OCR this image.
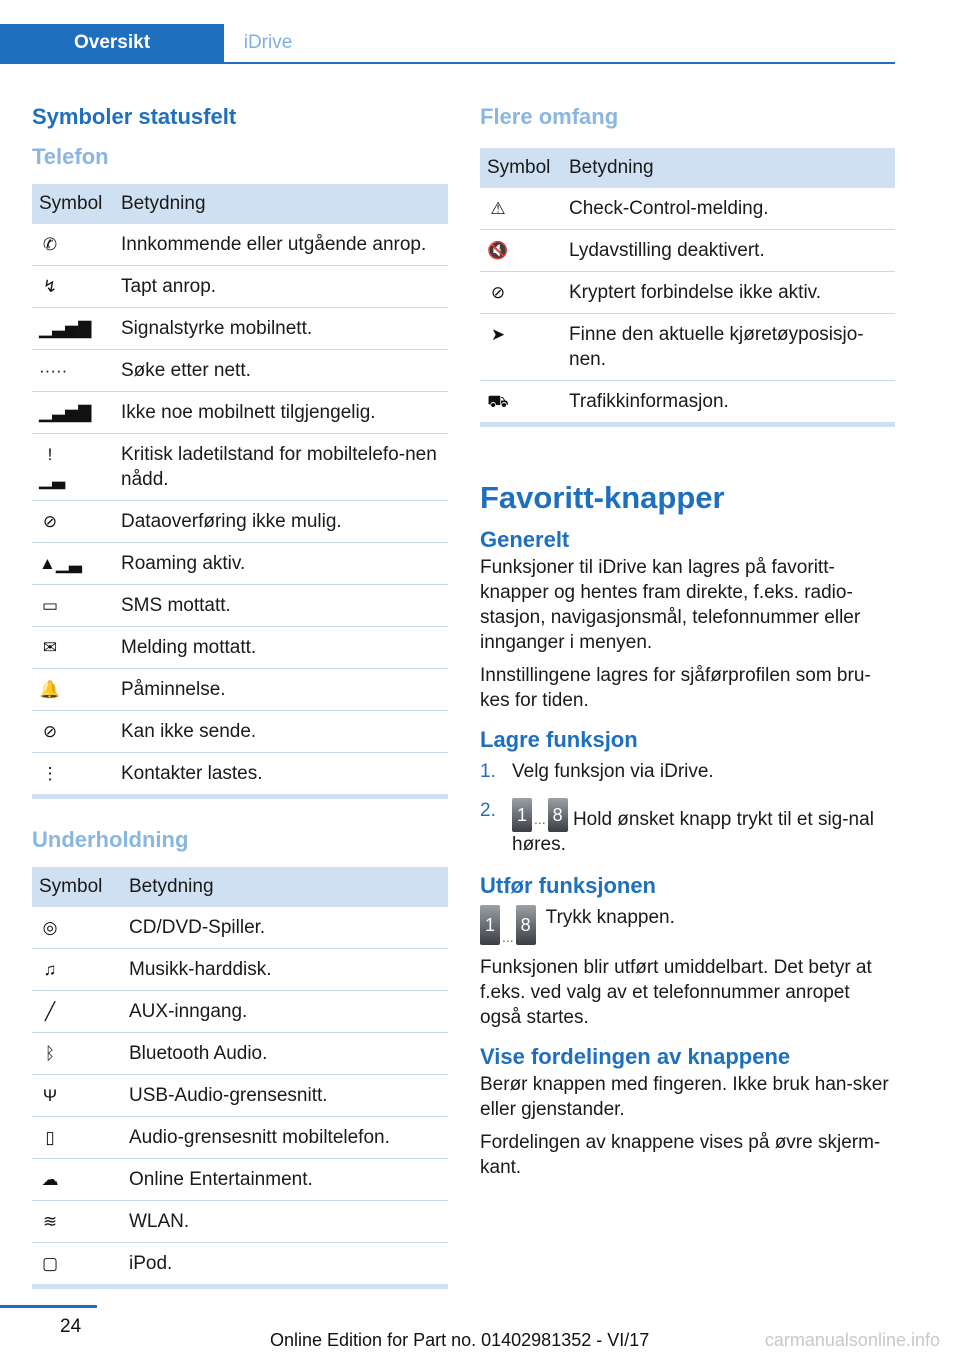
Oversikt	iDrive
Symboler statusfelt
Telefon
Symbol	Betydning
✆	Innkommende eller utgående anrop.
↯	Tapt anrop.
▁▃▅▇	Signalstyrke mobilnett.
·····	Søke etter nett.
▁▃▅▇	Ikke noe mobilnett tilgjengelig.
!▁▃	Kritisk ladetilstand for mobiltelefo-nen nådd.
⊘	Dataoverføring ikke mulig.
▲▁▃	Roaming aktiv.
▭	SMS mottatt.
✉	Melding mottatt.
🔔	Påminnelse.
⊘	Kan ikke sende.
⋮	Kontakter lastes.
Underholdning
Symbol	Betydning
◎	CD/DVD-Spiller.
♫	Musikk-harddisk.
╱	AUX-inngang.
ᛒ	Bluetooth Audio.
Ψ	USB-Audio-grensesnitt.
▯	Audio-grensesnitt mobiltelefon.
☁	Online Entertainment.
≋	WLAN.
▢	iPod.
Flere omfang
Symbol	Betydning
⚠	Check-Control-melding.
🔇	Lydavstilling deaktivert.
⊘	Kryptert forbindelse ikke aktiv.
➤	Finne den aktuelle kjøretøyposisjo-nen.
⛟	Trafikkinformasjon.
Favoritt-knapper
Generelt

Funksjoner til iDrive kan lagres på favoritt-knapper og hentes fram direkte, f.eks. radio-stasjon, navigasjonsmål, telefonnummer eller innganger i menyen.

Innstillingene lagres for sjåførprofilen som bru-kes for tiden.

Lagre funksjon
1. Velg funksjon via iDrive.
2. 1 ... 8 Hold ønsket knapp trykt til et sig-nal høres.
Utfør funksjonen
1
...
8 Trykk knappen.

Funksjonen blir utført umiddelbart. Det betyr at f.eks. ved valg av et telefonnummer anropet også startes.

Vise fordelingen av knappene

Berør knappen med fingeren. Ikke bruk han-sker eller gjenstander.

Fordelingen av knappene vises på øvre skjerm-kant.

24
Online Edition for Part no. 01402981352 - VI/17	carmanualsonline.info
